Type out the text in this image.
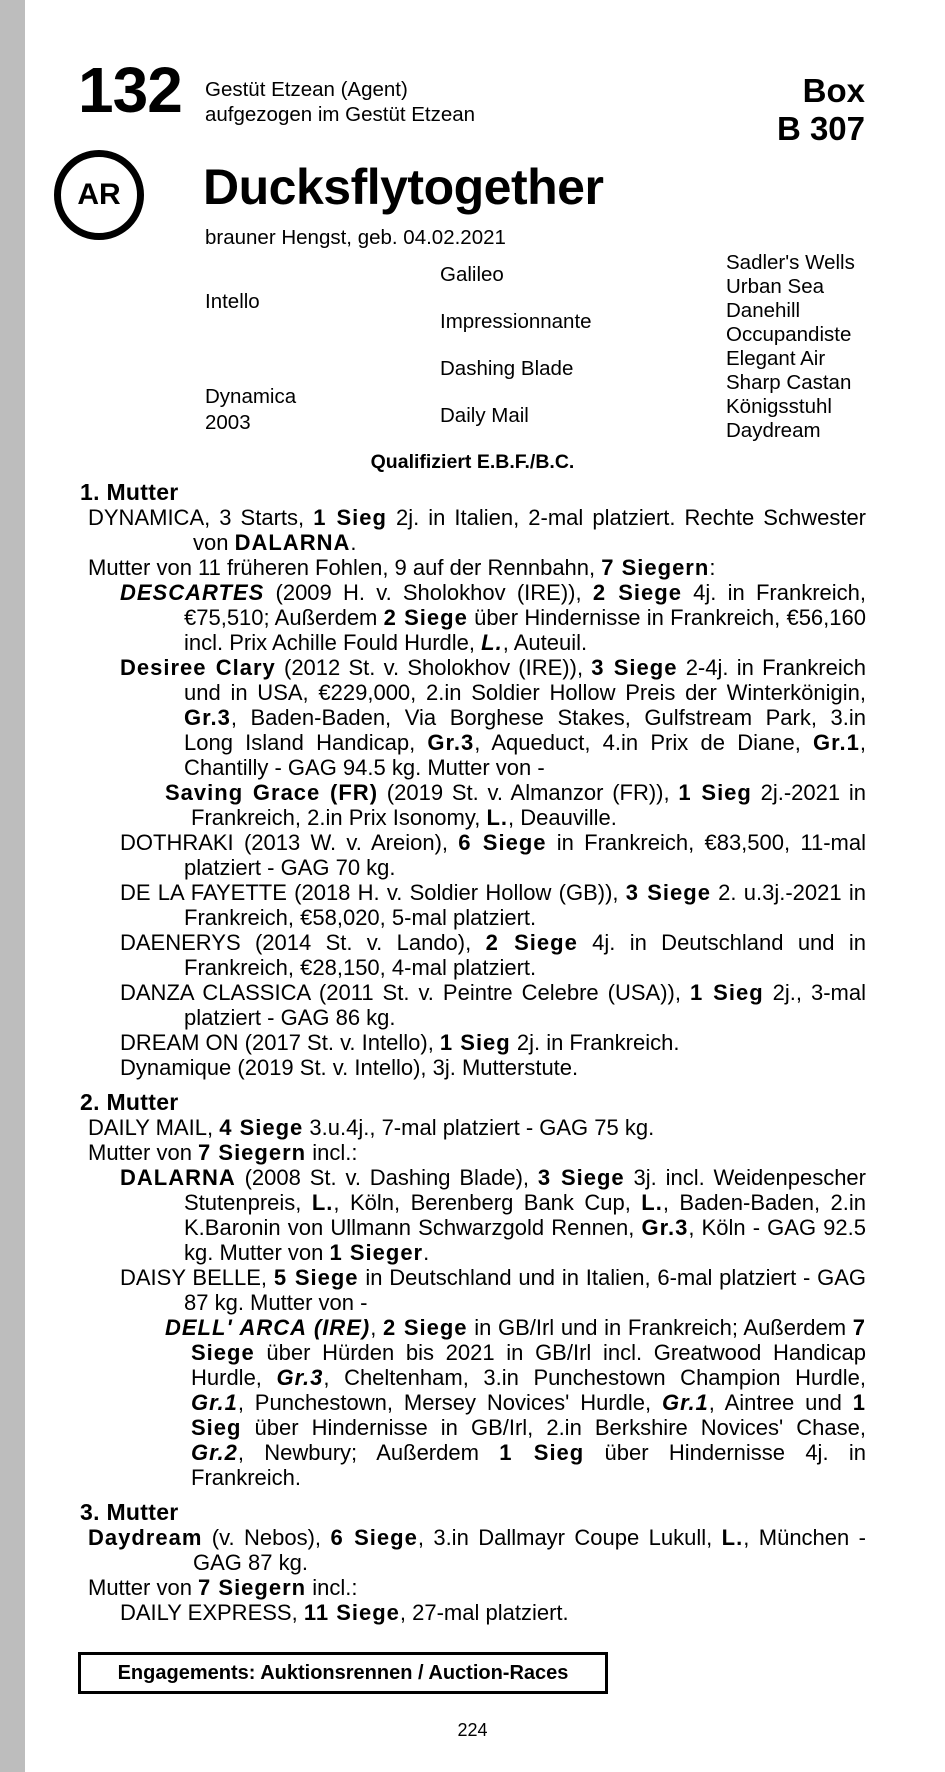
132 Gestüt Etzean (Agent)
aufgezogen im Gestüt Etzean
Box
B 307
AR	Ducksflytogether
brauner Hengst, geb. 04.02.2021
Intello
Dynamica
2003
Galileo
Impressionnante
Dashing Blade
Daily Mail
Sadler's Wells
Urban Sea
Danehill
Occupandiste
Elegant Air
Sharp Castan
Königsstuhl
Daydream
Qualifiziert E.B.F./B.C.
1. Mutter
DYNAMICA, 3 Starts, 1 Sieg 2j. in Italien, 2-mal platziert. Rechte Schwester von DALARNA.
Mutter von 11 früheren Fohlen, 9 auf der Rennbahn, 7 Siegern:
DESCARTES (2009 H. v. Sholokhov (IRE)), 2 Siege 4j. in Frankreich, €75,510; Außerdem 2 Siege über Hindernisse in Frankreich, €56,160 incl. Prix Achille Fould Hurdle, L., Auteuil.
Desiree Clary (2012 St. v. Sholokhov (IRE)), 3 Siege 2-4j. in Frankreich und in USA, €229,000, 2.in Soldier Hollow Preis der Winterkönigin, Gr.3, Baden-Baden, Via Borghese Stakes, Gulfstream Park, 3.in Long Island Handicap, Gr.3, Aqueduct, 4.in Prix de Diane, Gr.1, Chantilly - GAG 94.5 kg. Mutter von -
Saving Grace (FR) (2019 St. v. Almanzor (FR)), 1 Sieg 2j.-2021 in Frankreich, 2.in Prix Isonomy, L., Deauville.
DOTHRAKI (2013 W. v. Areion), 6 Siege in Frankreich, €83,500, 11-mal platziert - GAG 70 kg.
DE LA FAYETTE (2018 H. v. Soldier Hollow (GB)), 3 Siege 2. u.3j.-2021 in Frankreich, €58,020, 5-mal platziert.
DAENERYS (2014 St. v. Lando), 2 Siege 4j. in Deutschland und in Frankreich, €28,150, 4-mal platziert.
DANZA CLASSICA (2011 St. v. Peintre Celebre (USA)), 1 Sieg 2j., 3-mal platziert - GAG 86 kg.
DREAM ON (2017 St. v. Intello), 1 Sieg 2j. in Frankreich.
Dynamique (2019 St. v. Intello), 3j. Mutterstute.
2. Mutter
DAILY MAIL, 4 Siege 3.u.4j., 7-mal platziert - GAG 75 kg.
Mutter von 7 Siegern incl.:
DALARNA (2008 St. v. Dashing Blade), 3 Siege 3j. incl. Weidenpescher Stutenpreis, L., Köln, Berenberg Bank Cup, L., Baden-Baden, 2.in K.Baronin von Ullmann Schwarzgold Rennen, Gr.3, Köln - GAG 92.5 kg. Mutter von 1 Sieger.
DAISY BELLE, 5 Siege in Deutschland und in Italien, 6-mal platziert - GAG 87 kg. Mutter von -
DELL' ARCA (IRE), 2 Siege in GB/Irl und in Frankreich; Außerdem 7 Siege über Hürden bis 2021 in GB/Irl incl. Greatwood Handicap Hurdle, Gr.3, Cheltenham, 3.in Punchestown Champion Hurdle, Gr.1, Punchestown, Mersey Novices' Hurdle, Gr.1, Aintree und 1 Sieg über Hindernisse in GB/Irl, 2.in Berkshire Novices' Chase, Gr.2, Newbury; Außerdem 1 Sieg über Hindernisse 4j. in Frankreich.
3. Mutter
Daydream (v. Nebos), 6 Siege, 3.in Dallmayr Coupe Lukull, L., München - GAG 87 kg.
Mutter von 7 Siegern incl.:
DAILY EXPRESS, 11 Siege, 27-mal platziert.
Engagements: Auktionsrennen / Auction-Races
224
